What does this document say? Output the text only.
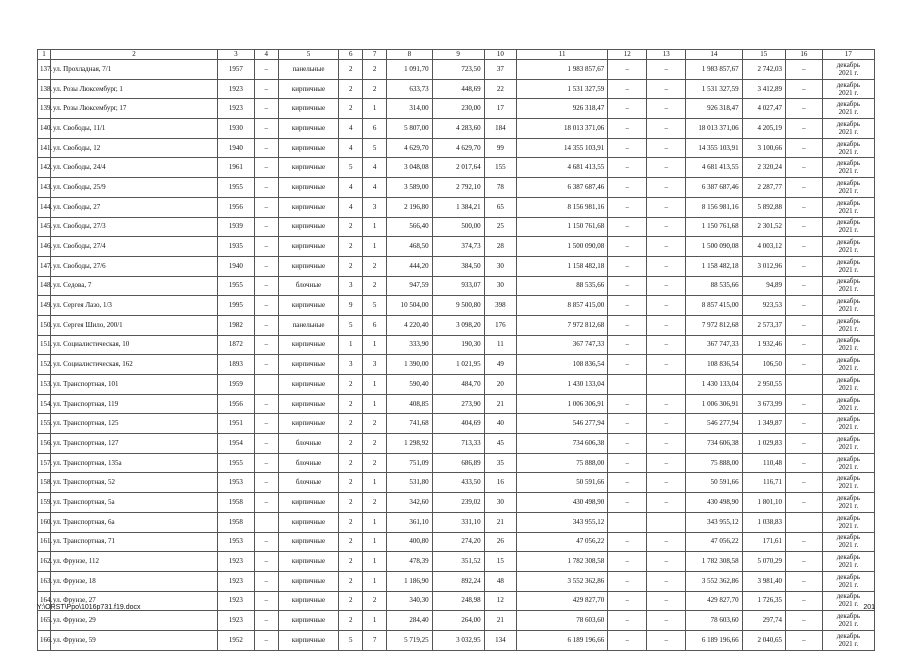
1	2	3	4	5	6	7	8	9	10	11	12	13	14	15	16	17
137.	ул. Прохладная, 7/1	1957	–	панельные	2	2	1 091,70	723,50	37	1 983 857,67	–	–	1 983 857,67	2 742,03	–	декабрь
2021 г.

138.	ул. Розы Люксембург, 1	1923	–	кирпичные	2	2	633,73	448,69	22	1 531 327,59	–	–	1 531 327,59	3 412,89	–	декабрь
2021 г.

139.	ул. Розы Люксембург, 17	1923	–	кирпичные	2	1	314,00	230,00	17	926 318,47	–	–	926 318,47	4 027,47	–	декабрь
2021 г.

140.	ул. Свободы, 11/1	1930	–	кирпичные	4	6	5 807,00	4 283,60	184	18 013 371,06	–	–	18 013 371,06	4 205,19	–	декабрь
2021 г.

141.	ул. Свободы, 12	1940	–	кирпичные	4	5	4 629,70	4 629,70	99	14 355 103,91	–	–	14 355 103,91	3 100,66	–	декабрь
2021 г.

142.	ул. Свободы, 24/4	1961	–	кирпичные	5	4	3 048,08	2 017,64	155	4 681 413,55	–	–	4 681 413,55	2 320,24	–	декабрь
2021 г.

143.	ул. Свободы, 25/9	1955	–	кирпичные	4	4	3 589,00	2 792,10	78	6 387 687,46	–	–	6 387 687,46	2 287,77	–	декабрь
2021 г.

144.	ул. Свободы, 27	1956	–	кирпичные	4	3	2 196,80	1 384,21	65	8 156 981,16	–	–	8 156 981,16	5 892,88	–	декабрь
2021 г.

145.	ул. Свободы, 27/3	1939	–	кирпичные	2	1	566,40	500,00	25	1 150 761,68	–	–	1 150 761,68	2 301,52	–	декабрь
2021 г.

146.	ул. Свободы, 27/4	1935	–	кирпичные	2	1	468,50	374,73	28	1 500 090,08	–	–	1 500 090,08	4 003,12	–	декабрь
2021 г.

147.	ул. Свободы, 27/6	1940	–	кирпичные	2	2	444,20	384,50	30	1 158 482,18	–	–	1 158 482,18	3 012,96	–	декабрь
2021 г.

148.	ул. Седова, 7	1955	–	блочные	3	2	947,59	933,07	30	88 535,66	–	–	88 535,66	94,89	–	декабрь
2021 г.

149.	ул. Сергея Лазо, 1/3	1995	–	кирпичные	9	5	10 504,00	9 500,80	398	8 857 415,00	–	–	8 857 415,00	923,53	–	декабрь
2021 г.

150.	ул. Сергея Шило, 200/1	1982	–	панельные	5	6	4 220,40	3 098,20	176	7 972 812,68	–	–	7 972 812,68	2 573,37	–	декабрь
2021 г.

151.	ул. Социалистическая, 10	1872	–	кирпичные	1	1	333,90	190,30	11	367 747,33	–	–	367 747,33	1 932,46	–	декабрь
2021 г.

152.	ул. Социалистическая, 162	1893	–	кирпичные	3	3	1 390,00	1 021,95	49	108 836,54	–	–	108 836,54	106,50	–	декабрь
2021 г.

153.	ул. Транспортная, 101	1959		кирпичные	2	1	590,40	484,70	20	1 430 133,04			1 430 133,04	2 950,55		декабрь
2021 г.

154.	ул. Транспортная, 119	1956	–	кирпичные	2	1	408,85	273,90	21	1 006 306,91	–	–	1 006 306,91	3 673,99	–	декабрь
2021 г.

155.	ул. Транспортная, 125	1951	–	кирпичные	2	2	741,68	404,69	40	546 277,94	–	–	546 277,94	1 349,87	–	декабрь
2021 г.

156.	ул. Транспортная, 127	1954	–	блочные	2	2	1 298,92	713,33	45	734 606,38	–	–	734 606,38	1 029,83	–	декабрь
2021 г.

157.	ул. Транспортная, 135а	1955	–	блочные	2	2	751,09	686,89	35	75 888,00	–	–	75 888,00	110,48	–	декабрь
2021 г.

158.	ул. Транспортная, 52	1953	–	блочные	2	1	531,80	433,50	16	50 591,66	–	–	50 591,66	116,71	–	декабрь
2021 г.

159.	ул. Транспортная, 5а	1958	–	кирпичные	2	2	342,60	239,02	30	430 498,90	–	–	430 498,90	1 801,10	–	декабрь
2021 г.

160.	ул. Транспортная, 6а	1958		кирпичные	2	1	361,10	331,10	21	343 955,12			343 955,12	1 038,83		декабрь
2021 г.

161.	ул. Транспортная, 71	1953	–	кирпичные	2	1	400,80	274,20	26	47 056,22	–	–	47 056,22	171,61	–	декабрь
2021 г.

162.	ул. Фрунзе, 112	1923	–	кирпичные	2	1	478,39	351,52	15	1 782 308,58	–	–	1 782 308,58	5 070,29	–	декабрь
2021 г.

163.	ул. Фрунзе, 18	1923	–	кирпичные	2	1	1 186,90	892,24	48	3 552 362,86	–	–	3 552 362,86	3 981,40	–	декабрь
2021 г.

164.	ул. Фрунзе, 27	1923	–	кирпичные	2	2	340,30	248,98	12	429 827,70	–	–	429 827,70	1 726,35	–	декабрь
2021 г.

165.	ул. Фрунзе, 29	1923	–	кирпичные	2	1	284,40	264,00	21	78 603,60	–	–	78 603,60	297,74	–	декабрь
2021 г.

166.	ул. Фрунзе, 59	1952	–	кирпичные	5	7	5 719,25	3 032,95	134	6 189 196,66	–	–	6 189 196,66	2 040,65	–	декабрь
2021 г.
Y:\ORST\Ppo\1016p731.f19.docx	201
